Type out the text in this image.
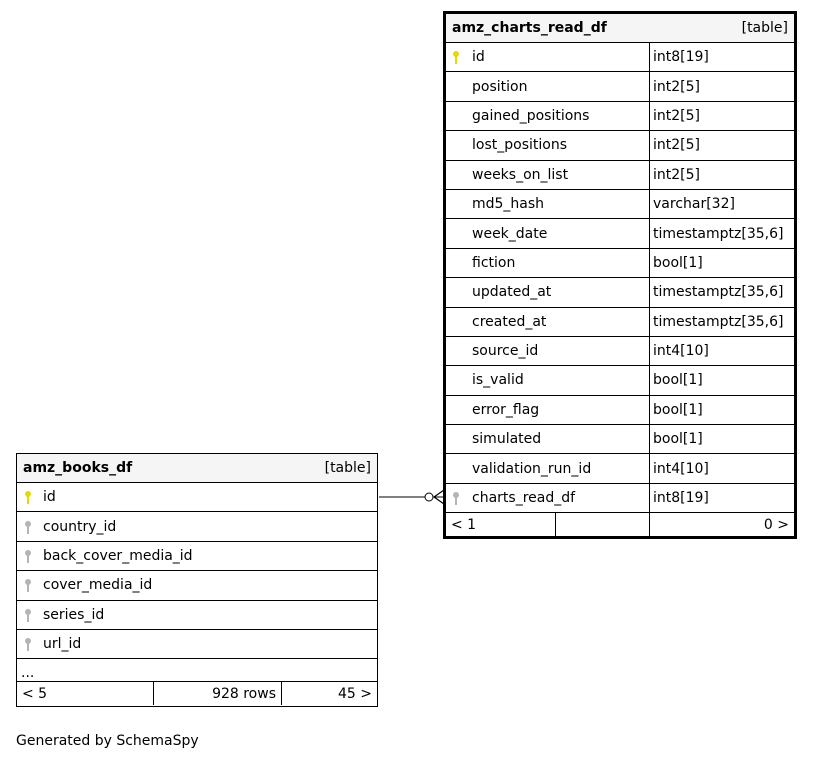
amz_charts_read_df	[table]
id	int8[19]
position	int2[5]
gained_positions	int2[5]
lost_positions	int2[5]
weeks_on_list	int2[5]
md5_hash	varchar[32]
week_date	timestamptz[35,6]
fiction	bool[1]
updated_at	timestamptz[35,6]
created_at	timestamptz[35,6]
source_id	int4[10]
is_valid	bool[1]
error_flag	bool[1]
simulated	bool[1]
validation_run_id	int4[10]
charts_read_df	int8[19]
< 1	0 >
amz_books_df	[table]
id
country_id
back_cover_media_id
cover_media_id
series_id
url_id
...
< 5	928 rows	45 >
Generated by SchemaSpy
